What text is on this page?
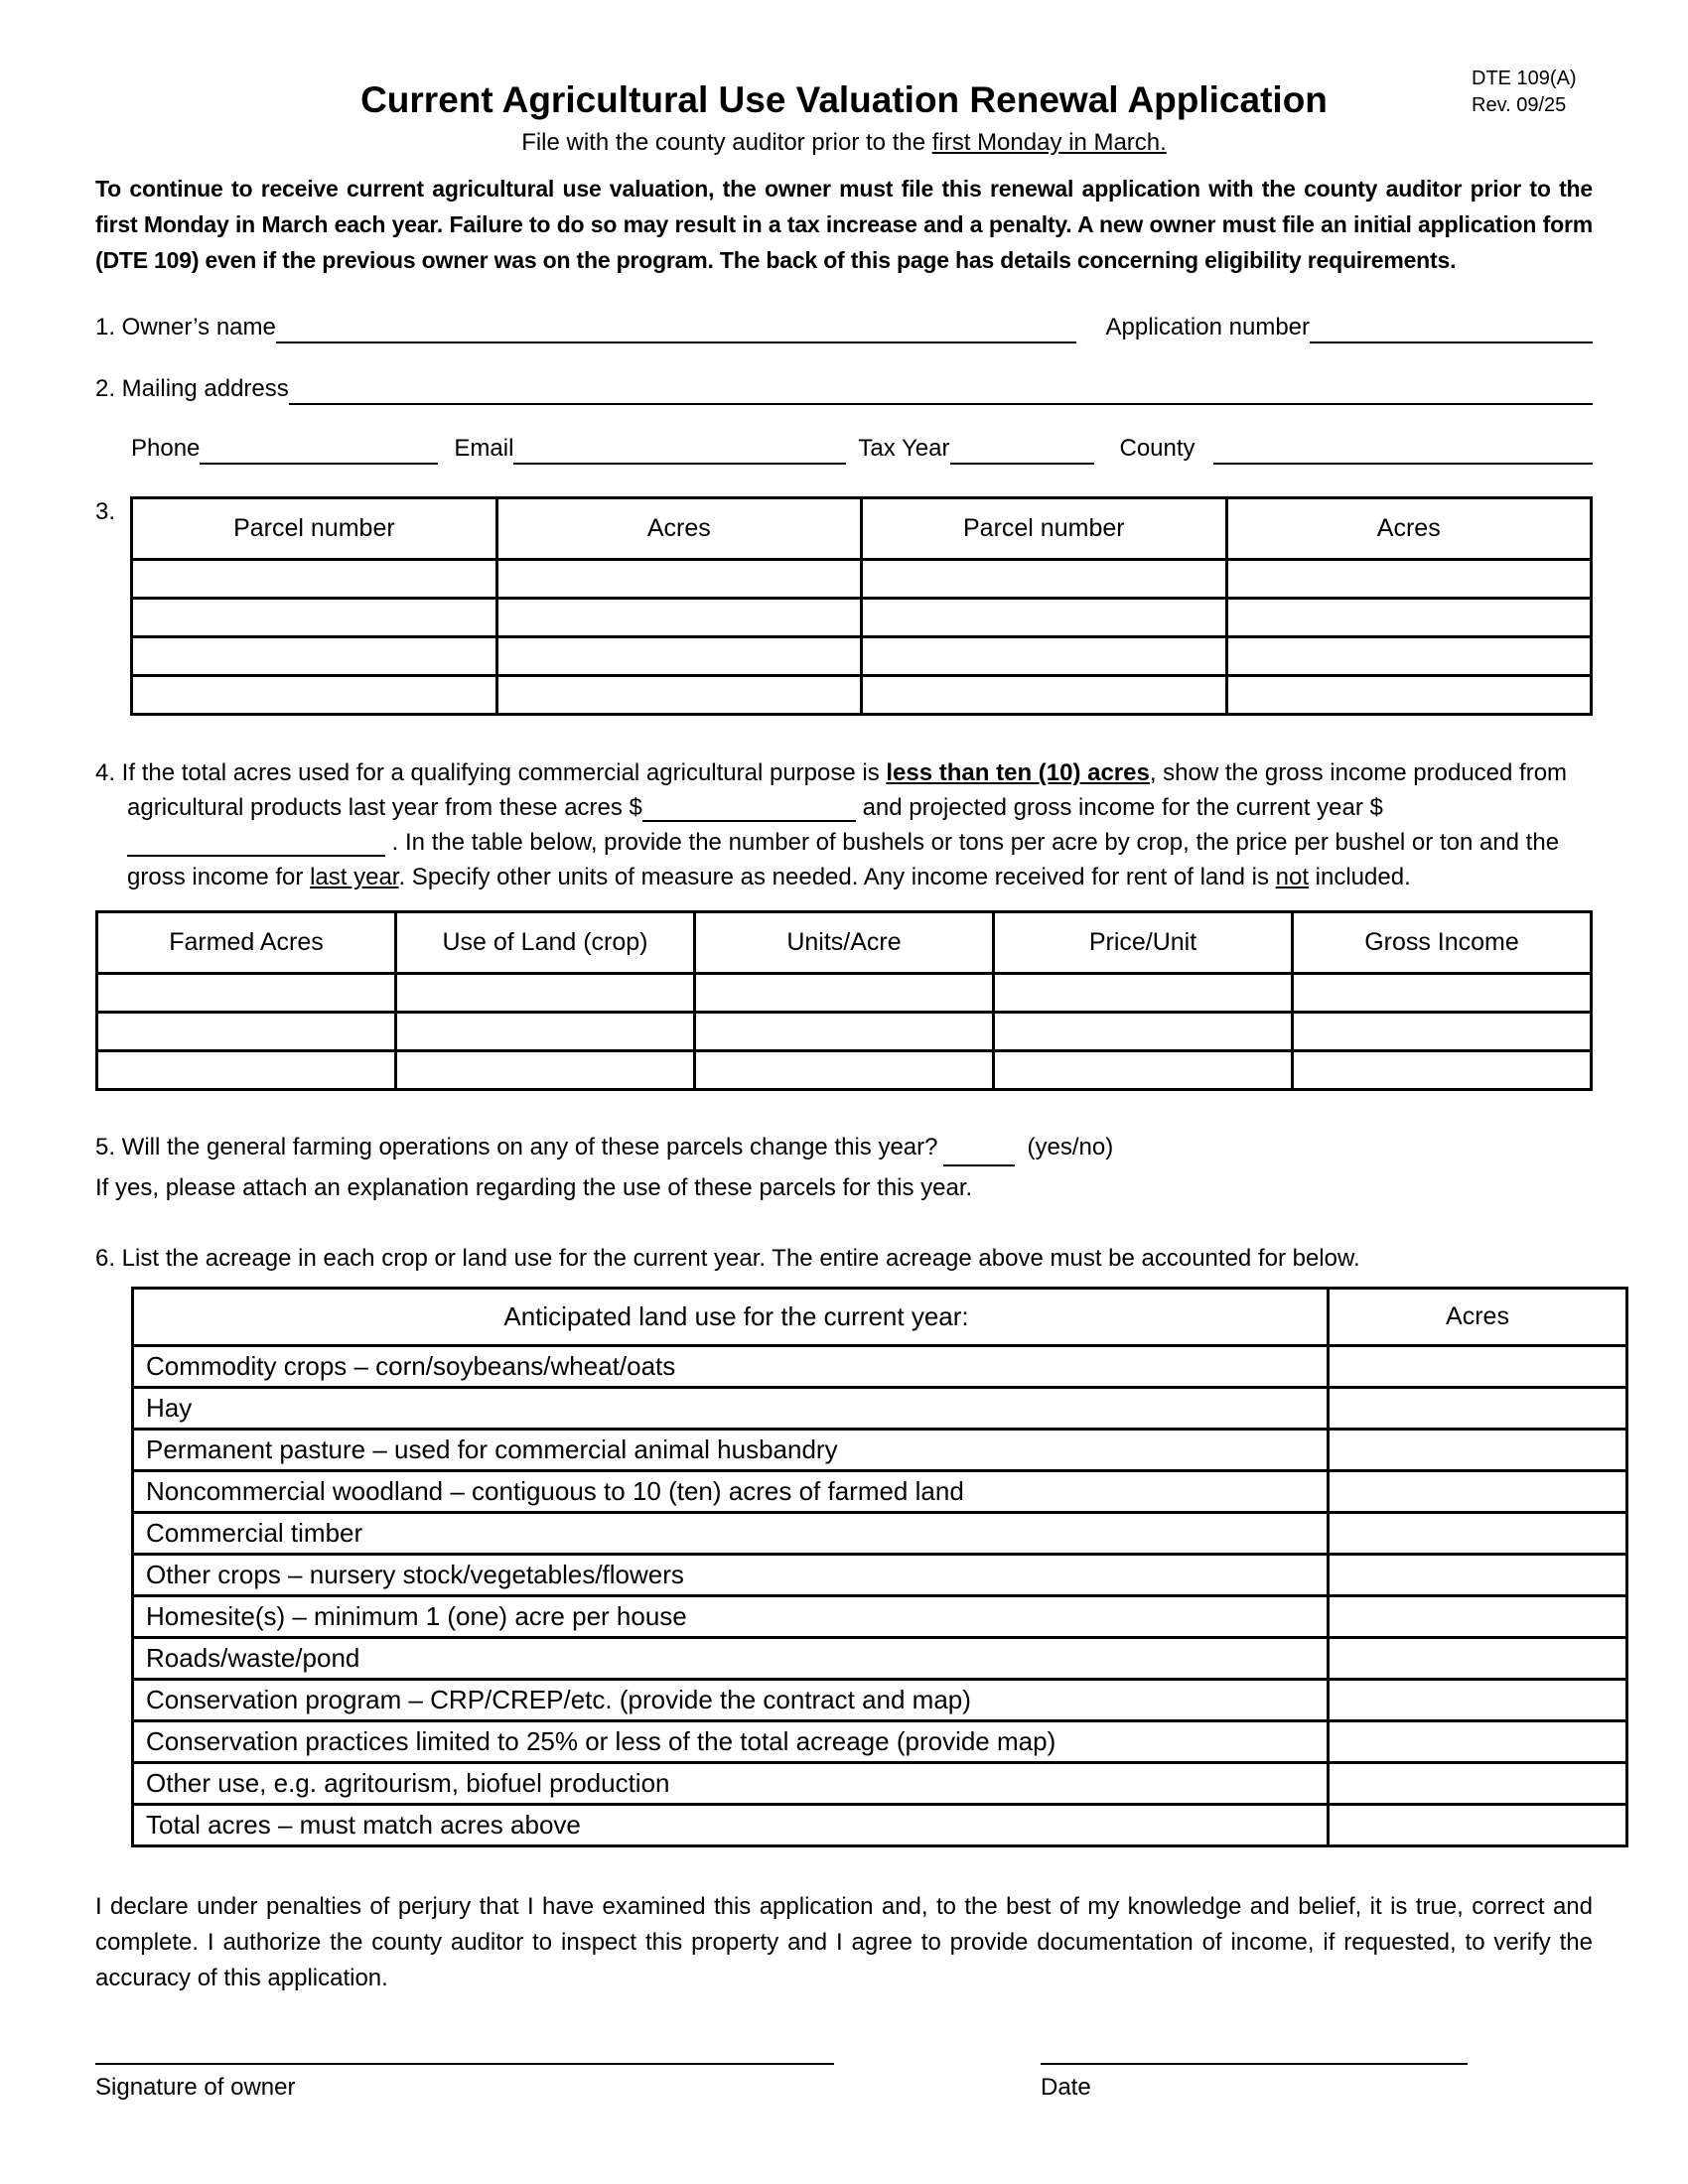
DTE 109(A)
Rev. 09/25
Current Agricultural Use Valuation Renewal Application
File with the county auditor prior to the first Monday in March.

To continue to receive current agricultural use valuation, the owner must file this renewal application with the county auditor prior to the first Monday in March each year. Failure to do so may result in a tax increase and a penalty. A new owner must file an initial application form (DTE 109) even if the previous owner was on the program. The back of this page has details concerning eligibility requirements.

1. Owner’s name
	Application number

2. Mailing address

Phone
	Email
	Tax Year
	County

3.
Parcel number	Acres	Parcel number	Acres

4. If the total acres used for a qualifying commercial agricultural purpose is less than ten (10) acres, show the gross income produced from agricultural products last year from these acres $	and projected gross income for the current year $  . In the table below, provide the number of bushels or tons per acre by crop, the price per bushel or ton and the gross income for last year. Specify other units of measure as needed. Any income received for rent of land is not included.

Farmed Acres	Use of Land (crop)	Units/Acre	Price/Unit	Gross Income

5. Will the general farming operations on any of these parcels change this year?
	(yes/no)
If yes, please attach an explanation regarding the use of these parcels for this year.
6. List the acreage in each crop or land use for the current year. The entire acreage above must be accounted for below.
Anticipated land use for the current year:	Acres
Commodity crops – corn/soybeans/wheat/oats	
Hay	
Permanent pasture – used for commercial animal husbandry	
Noncommercial woodland – contiguous to 10 (ten) acres of farmed land	
Commercial timber	
Other crops – nursery stock/vegetables/flowers	
Homesite(s) – minimum 1 (one) acre per house	
Roads/waste/pond	
Conservation program – CRP/CREP/etc. (provide the contract and map)	
Conservation practices limited to 25% or less of the total acreage (provide map)	
Other use, e.g. agritourism, biofuel production	
Total acres – must match acres above	

I declare under penalties of perjury that I have examined this application and, to the best of my knowledge and belief, it is true, correct and complete. I authorize the county auditor to inspect this property and I agree to provide documentation of income, if requested, to verify the accuracy of this application.

Signature of owner	Date
